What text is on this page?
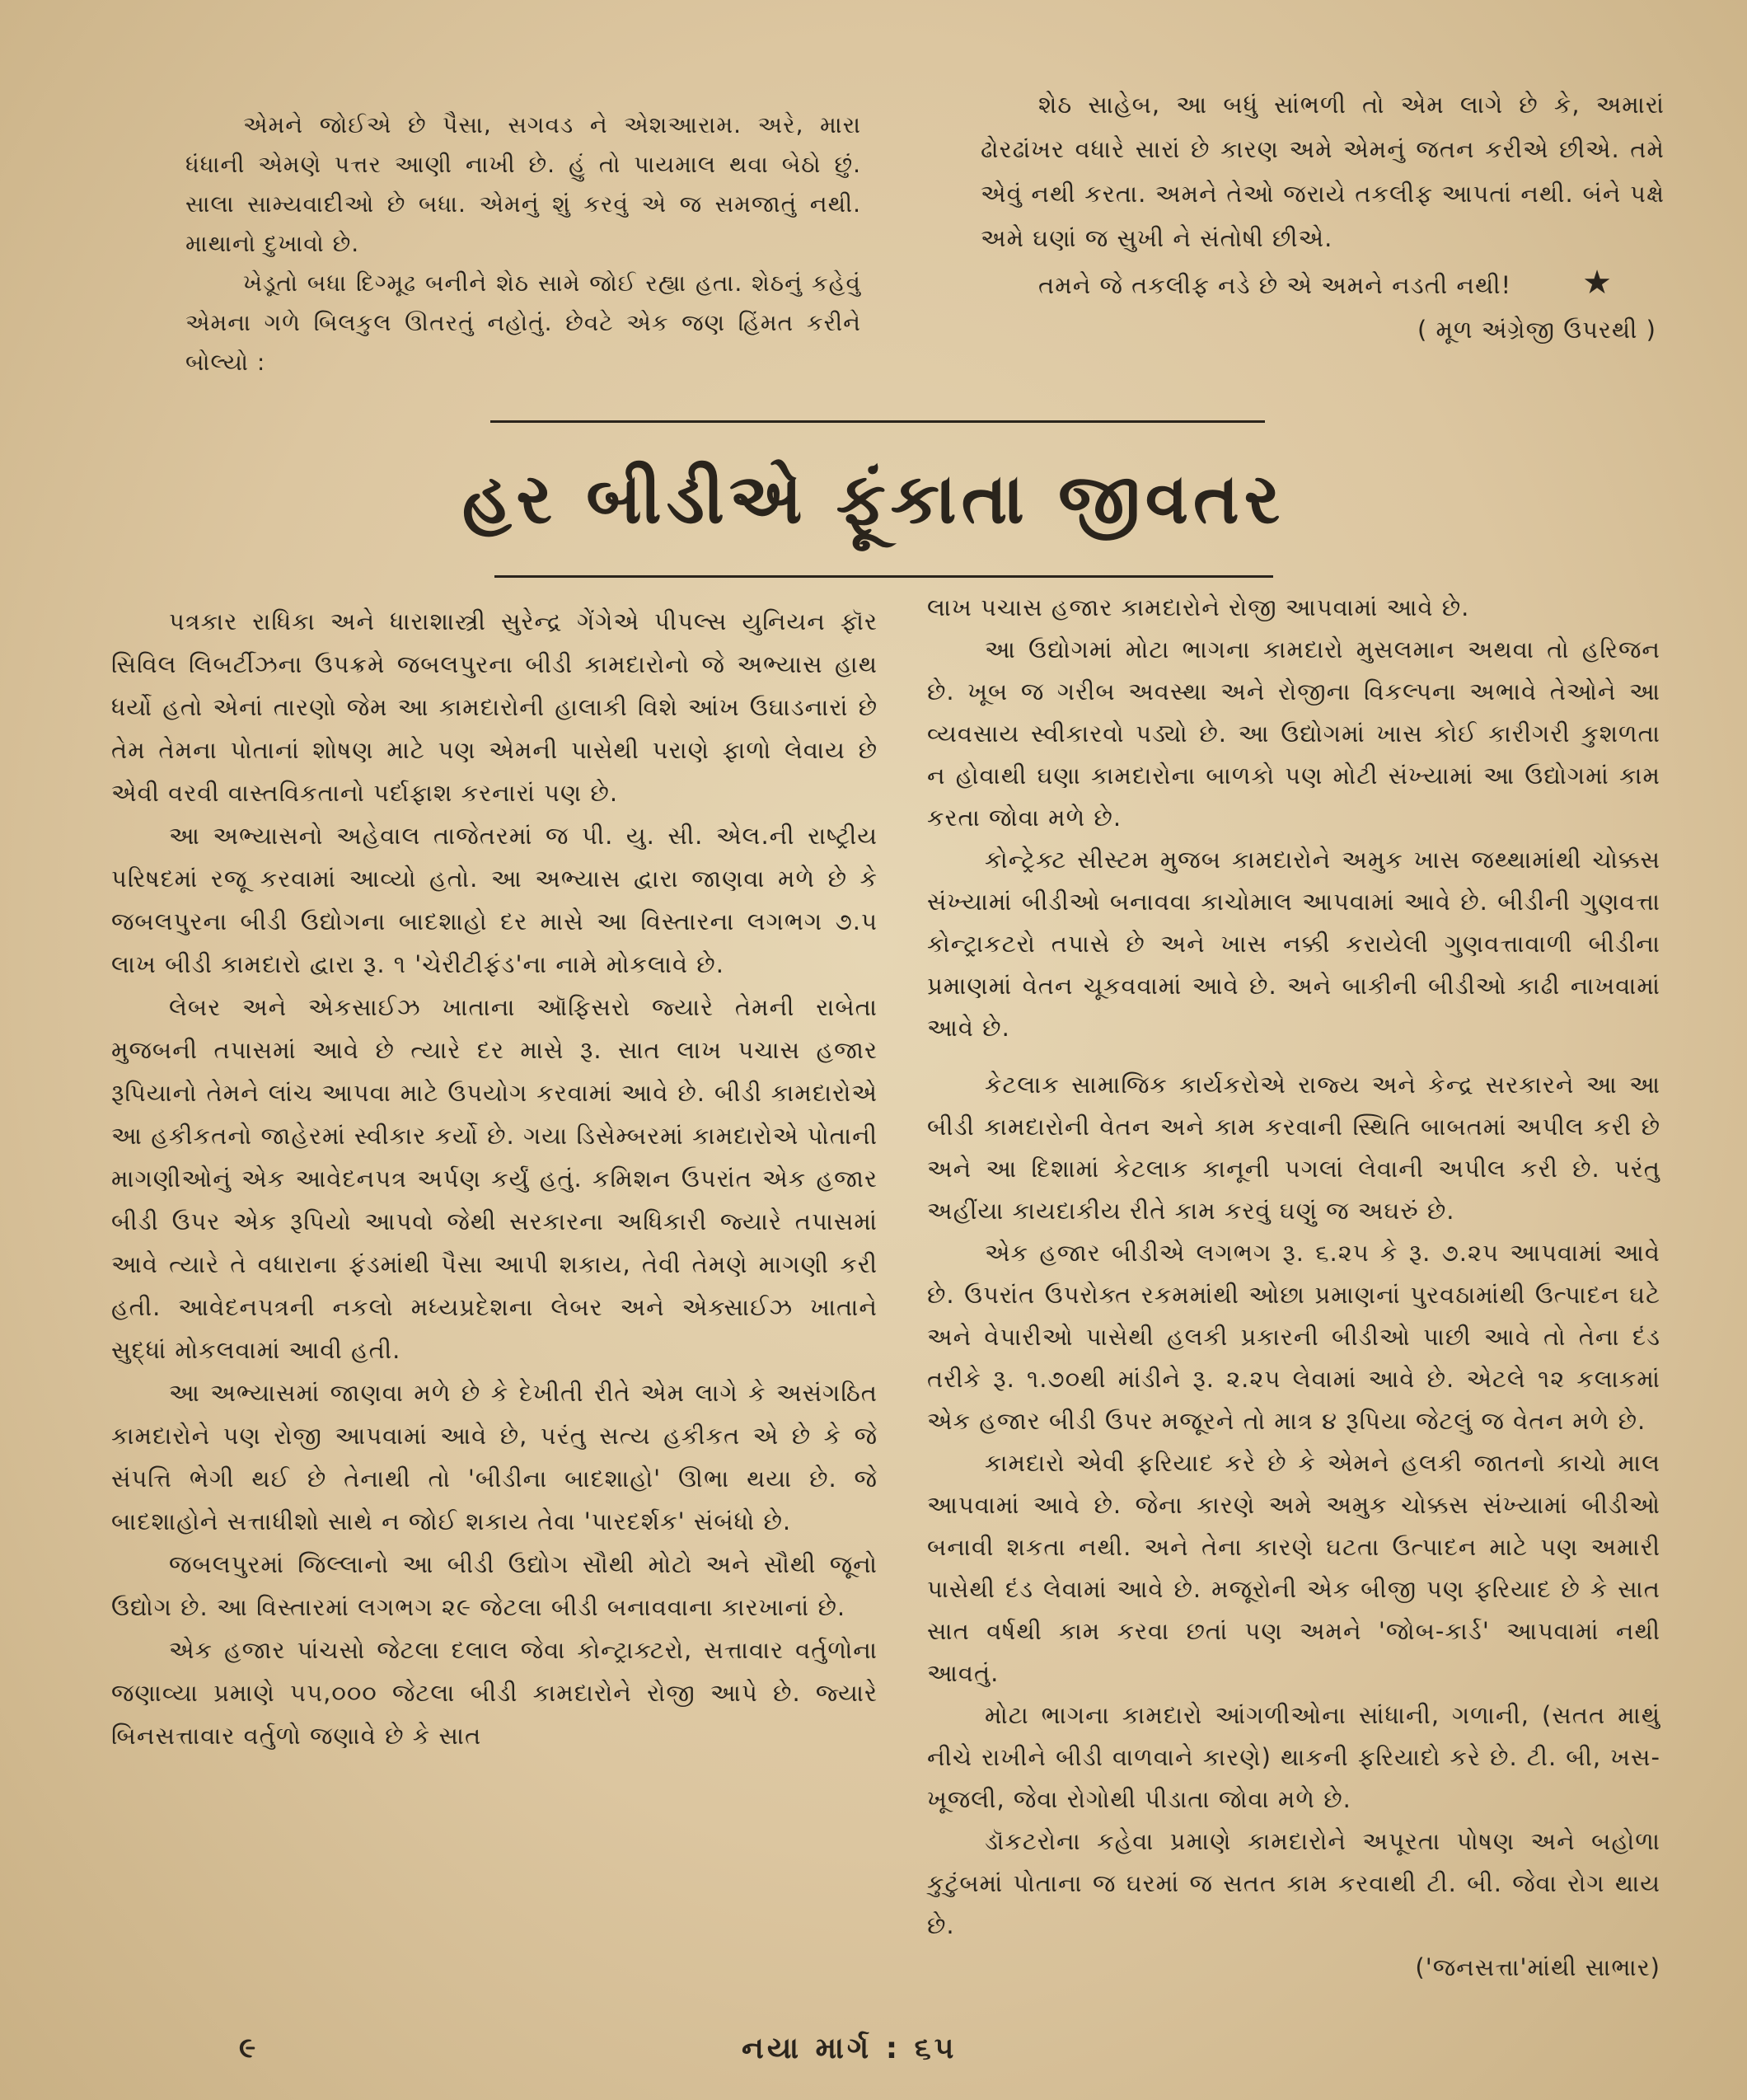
એમને જોઈએ છે પૈસા, સગવડ ને એશઆરામ. અરે, મારા ધંધાની એમણે પત્તર આણી નાખી છે. હું તો પાયમાલ થવા બેઠો છું. સાલા સામ્યવાદીઓ છે બધા. એમનું શું કરવું એ જ સમજાતું નથી. માથાનો દુખાવો છે.

ખેડૂતો બધા દિગ્મૂઢ બનીને શેઠ સામે જોઈ રહ્યા હતા. શેઠનું કહેવું એમના ગળે બિલકુલ ઊતરતું નહોતું. છેવટે એક જણ હિંમત કરીને બોલ્યો :

શેઠ સાહેબ, આ બધું સાંભળી તો એમ લાગે છે કે, અમારાં ઢોરઢાંખર વધારે સારાં છે કારણ અમે એમનું જતન કરીએ છીએ. તમે એવું નથી કરતા. અમને તેઓ જરાયે તકલીફ આપતાં નથી. બંને પક્ષે અમે ઘણાં જ સુખી ને સંતોષી છીએ.

તમને જે તકલીફ નડે છે એ અમને નડતી નથી! ★

( મૂળ અંગ્રેજી ઉપરથી )

હર બીડીએ ફૂંકાતા જીવતર

પત્રકાર રાધિકા અને ધારાશાસ્ત્રી સુરેન્દ્ર ગેંગેએ પીપલ્સ યુનિયન ફૉર સિવિલ લિબર્ટીઝના ઉપક્રમે જબલપુરના બીડી કામદારોનો જે અભ્યાસ હાથ ધર્યો હતો એનાં તારણો જેમ આ કામદારોની હાલાકી વિશે આંખ ઉઘાડનારાં છે તેમ તેમના પોતાનાં શોષણ માટે પણ એમની પાસેથી પરાણે ફાળો લેવાય છે એવી વરવી વાસ્તવિકતાનો પર્દાફાશ કરનારાં પણ છે.

આ અભ્યાસનો અહેવાલ તાજેતરમાં જ પી. યુ. સી. એલ.ની રાષ્ટ્રીય પરિષદમાં રજૂ કરવામાં આવ્યો હતો. આ અભ્યાસ દ્વારા જાણવા મળે છે કે જબલપુરના બીડી ઉદ્યોગના બાદશાહો દર માસે આ વિસ્તારના લગભગ ૭.૫ લાખ બીડી કામદારો દ્વારા રૂ. ૧ 'ચેરીટીફંડ'ના નામે મોકલાવે છે.

લેબર અને એકસાઈઝ ખાતાના ઑફિસરો જ્યારે તેમની રાબેતા મુજબની તપાસમાં આવે છે ત્યારે દર માસે રૂ. સાત લાખ પચાસ હજાર રૂપિયાનો તેમને લાંચ આપવા માટે ઉપયોગ કરવામાં આવે છે. બીડી કામદારોએ આ હકીકતનો જાહેરમાં સ્વીકાર કર્યો છે. ગયા ડિસેમ્બરમાં કામદારોએ પોતાની માગણીઓનું એક આવેદનપત્ર અર્પણ કર્યું હતું. કમિશન ઉપરાંત એક હજાર બીડી ઉપર એક રૂપિયો આપવો જેથી સરકારના અધિકારી જ્યારે તપાસમાં આવે ત્યારે તે વધારાના ફંડમાંથી પૈસા આપી શકાય, તેવી તેમણે માગણી કરી હતી. આવેદનપત્રની નકલો મધ્યપ્રદેશના લેબર અને એક્સાઈઝ ખાતાને સુદ્ધાં મોકલવામાં આવી હતી.

આ અભ્યાસમાં જાણવા મળે છે કે દેખીતી રીતે એમ લાગે કે અસંગઠિત કામદારોને પણ રોજી આપવામાં આવે છે, પરંતુ સત્ય હકીકત એ છે કે જે સંપત્તિ ભેગી થઈ છે તેનાથી તો 'બીડીના બાદશાહો' ઊભા થયા છે. જે બાદશાહોને સત્તાધીશો સાથે ન જોઈ શકાય તેવા 'પારદર્શક' સંબંધો છે.

જબલપુરમાં જિલ્લાનો આ બીડી ઉદ્યોગ સૌથી મોટો અને સૌથી જૂનો ઉદ્યોગ છે. આ વિસ્તારમાં લગભગ ૨૯ જેટલા બીડી બનાવવાના કારખાનાં છે.

એક હજાર પાંચસો જેટલા દલાલ જેવા કોન્ટ્રાક્ટરો, સત્તાવાર વર્તુળોના જણાવ્યા પ્રમાણે ૫૫,૦૦૦ જેટલા બીડી કામદારોને રોજી આપે છે. જ્યારે બિનસત્તાવાર વર્તુળો જણાવે છે કે સાત

લાખ પચાસ હજાર કામદારોને રોજી આપવામાં આવે છે.

આ ઉદ્યોગમાં મોટા ભાગના કામદારો મુસલમાન અથવા તો હરિજન છે. ખૂબ જ ગરીબ અવસ્થા અને રોજીના વિકલ્પના અભાવે તેઓને આ વ્યવસાય સ્વીકારવો પડ્યો છે. આ ઉદ્યોગમાં ખાસ કોઈ કારીગરી કુશળતા ન હોવાથી ઘણા કામદારોના બાળકો પણ મોટી સંખ્યામાં આ ઉદ્યોગમાં કામ કરતા જોવા મળે છે.

કોન્ટ્રેક્ટ સીસ્ટમ મુજબ કામદારોને અમુક ખાસ જથ્થામાંથી ચોક્કસ સંખ્યામાં બીડીઓ બનાવવા કાચોમાલ આપવામાં આવે છે. બીડીની ગુણવત્તા કોન્ટ્રાકટરો તપાસે છે અને ખાસ નક્કી કરાયેલી ગુણવત્તાવાળી બીડીના પ્રમાણમાં વેતન ચૂકવવામાં આવે છે. અને બાકીની બીડીઓ કાઢી નાખવામાં આવે છે.

કેટલાક સામાજિક કાર્યકરોએ રાજ્ય અને કેન્દ્ર સરકારને આ આ બીડી કામદારોની વેતન અને કામ કરવાની સ્થિતિ બાબતમાં અપીલ કરી છે અને આ દિશામાં કેટલાક કાનૂની પગલાં લેવાની અપીલ કરી છે. પરંતુ અહીંયા કાયદાકીય રીતે કામ કરવું ઘણું જ અઘરું છે.

એક હજાર બીડીએ લગભગ રૂ. ૬.૨૫ કે રૂ. ૭.૨૫ આપવામાં આવે છે. ઉપરાંત ઉપરોક્ત રકમમાંથી ઓછા પ્રમાણનાં પુરવઠામાંથી ઉત્પાદન ઘટે અને વેપારીઓ પાસેથી હલકી પ્રકારની બીડીઓ પાછી આવે તો તેના દંડ તરીકે રૂ. ૧.૭૦થી માંડીને રૂ. ૨.૨૫ લેવામાં આવે છે. એટલે ૧૨ કલાકમાં એક હજાર બીડી ઉપર મજૂરને તો માત્ર ૪ રૂપિયા જેટલું જ વેતન મળે છે.

કામદારો એવી ફરિયાદ કરે છે કે એમને હલકી જાતનો કાચો માલ આપવામાં આવે છે. જેના કારણે અમે અમુક ચોક્કસ સંખ્યામાં બીડીઓ બનાવી શકતા નથી. અને તેના કારણે ઘટતા ઉત્પાદન માટે પણ અમારી પાસેથી દંડ લેવામાં આવે છે. મજૂરોની એક બીજી પણ ફરિયાદ છે કે સાત સાત વર્ષથી કામ કરવા છતાં પણ અમને 'જોબ-કાર્ડ' આપવામાં નથી આવતું.

મોટા ભાગના કામદારો આંગળીઓના સાંધાની, ગળાની, (સતત માથું નીચે રાખીને બીડી વાળવાને કારણે) થાકની ફરિયાદો કરે છે. ટી. બી, ખસ-ખૂજલી, જેવા રોગોથી પીડાતા જોવા મળે છે.

ડૉકટરોના કહેવા પ્રમાણે કામદારોને અપૂરતા પોષણ અને બહોળા કુટુંબમાં પોતાના જ ઘરમાં જ સતત કામ કરવાથી ટી. બી. જેવા રોગ થાય છે.

('જનસત્તા'માંથી સાભાર)

૯	નયા માર્ગ : ૬૫
